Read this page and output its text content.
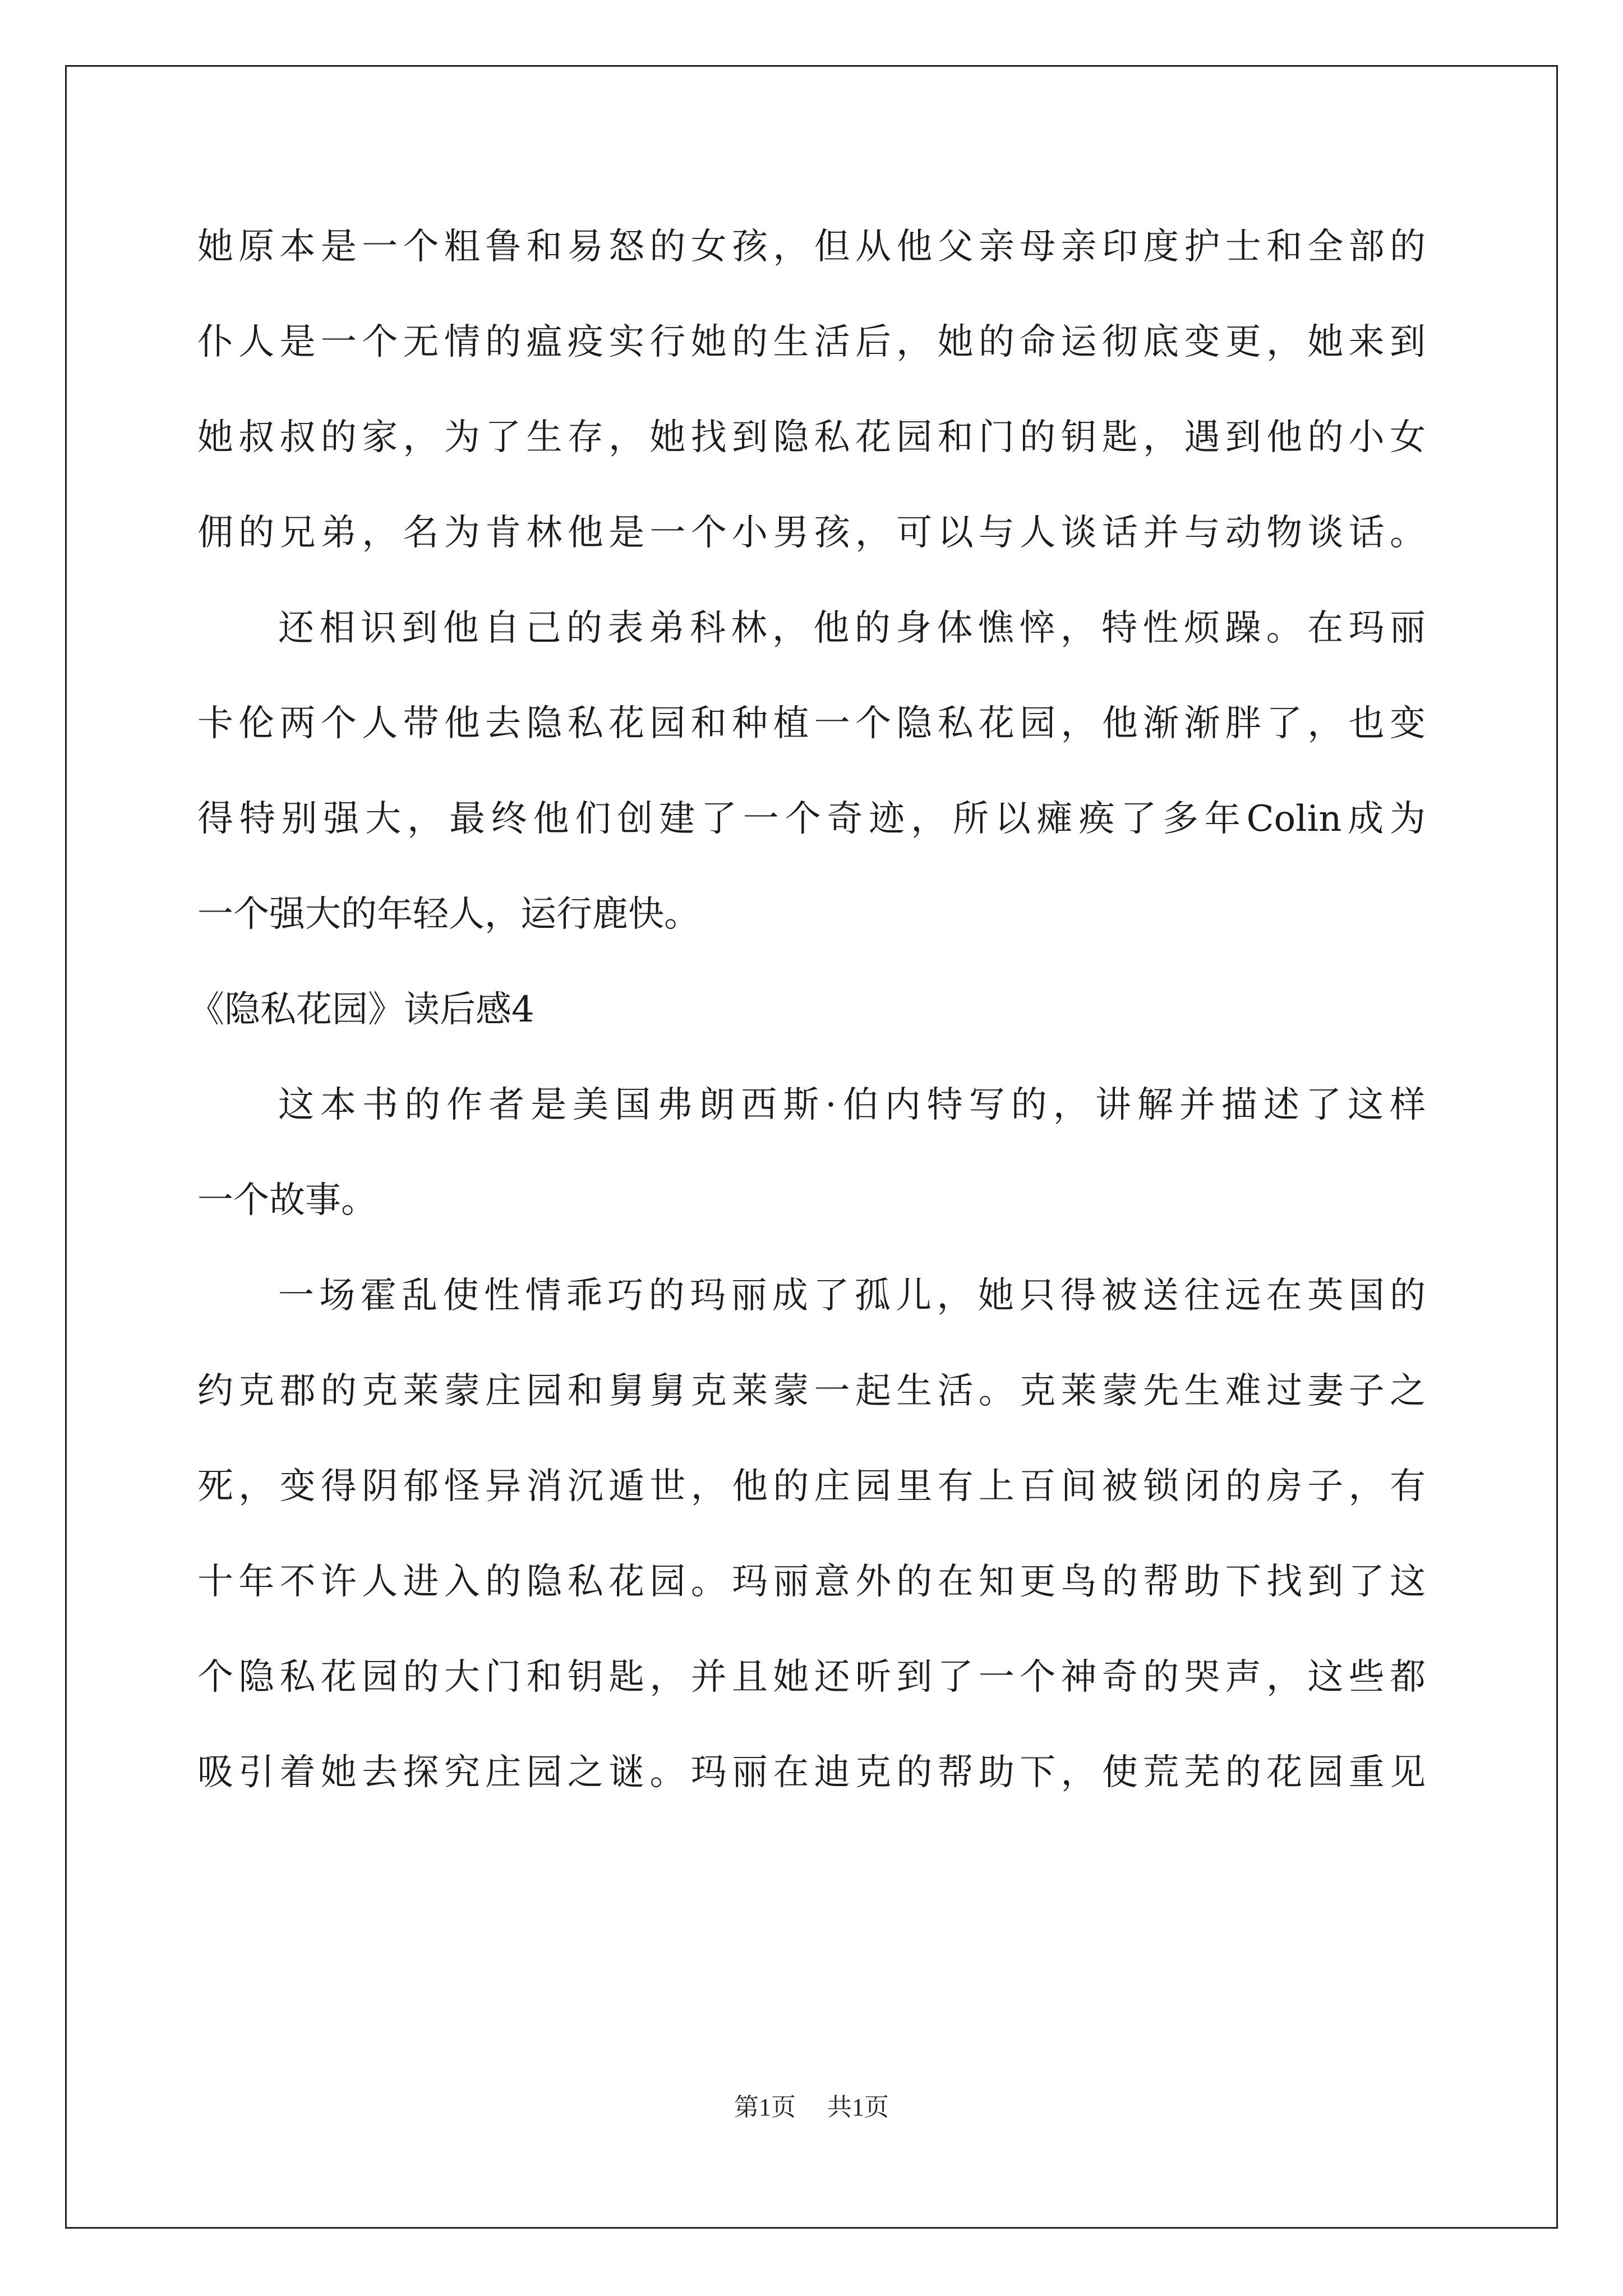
她原本是一个粗鲁和易怒的女孩，但从他父亲母亲印度护士和全部的
仆人是一个无情的瘟疫实行她的生活后，她的命运彻底变更，她来到
她叔叔的家，为了生存，她找到隐私花园和门的钥匙，遇到他的小女
佣的兄弟，名为肯林他是一个小男孩，可以与人谈话并与动物谈话。
还相识到他自己的表弟科林，他的身体憔悴，特性烦躁。在玛丽
卡伦两个人带他去隐私花园和种植一个隐私花园，他渐渐胖了，也变
得特别强大，最终他们创建了一个奇迹，所以瘫痪了多年Colin成为
一个强大的年轻人，运行鹿快。
《隐私花园》读后感4
这本书的作者是美国弗朗西斯·伯内特写的，讲解并描述了这样
一个故事。
一场霍乱使性情乖巧的玛丽成了孤儿，她只得被送往远在英国的
约克郡的克莱蒙庄园和舅舅克莱蒙一起生活。克莱蒙先生难过妻子之
死，变得阴郁怪异消沉遁世，他的庄园里有上百间被锁闭的房子，有
十年不许人进入的隐私花园。玛丽意外的在知更鸟的帮助下找到了这
个隐私花园的大门和钥匙，并且她还听到了一个神奇的哭声，这些都
吸引着她去探究庄园之谜。玛丽在迪克的帮助下，使荒芜的花园重见
第1页 共1页
